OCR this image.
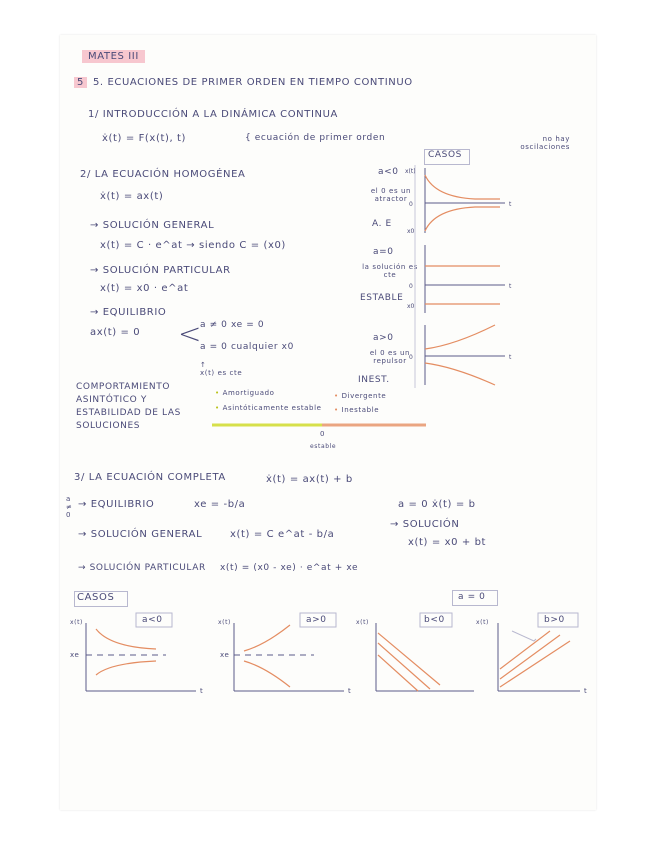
MATES III
5 5. ECUACIONES DE PRIMER ORDEN EN TIEMPO CONTINUO
1/ INTRODUCCIÓN A LA DINÁMICA CONTINUA
ẋ(t) = F(x(t), t)	{ ecuación de primer orden	no hay oscilaciones
CASOS
a<0
el 0 es un atractor
A. E
a=0
la solución es cte
ESTABLE
a>0
el 0 es un repulsor
INEST.
x(t)
0
x0
t
0
x0
t
0	t
2/ LA ECUACIÓN HOMOGÉNEA
ẋ(t) = ax(t)
→ SOLUCIÓN GENERAL
x(t) = C · e^at → siendo C = (x0)
→ SOLUCIÓN PARTICULAR
x(t) = x0 · e^at
→ EQUILIBRIO
ax(t) = 0 <
a ≠ 0 xe = 0
a = 0 cualquier x0
↑
x(t) es cte
COMPORTAMIENTO ASINTÓTICO Y ESTABILIDAD DE LAS SOLUCIONES
• Amortiguado
• Asintóticamente estable
• Divergente
• Inestable
0
estable
3/ LA ECUACIÓN COMPLETA	ẋ(t) = ax(t) + b
a ≠ 0
→ EQUILIBRIO	xe = -b/a
→ SOLUCIÓN GENERAL	x(t) = C e^at - b/a
→ SOLUCIÓN PARTICULAR x(t) = (x0 - xe) · e^at + xe
a = 0 ẋ(t) = b
→ SOLUCIÓN
x(t) = x0 + bt
CASOS	a = 0
a<0	a>0	b<0	b>0
x(t)	x(t)	x(t)	x(t)
xe	xe
t	t	t
